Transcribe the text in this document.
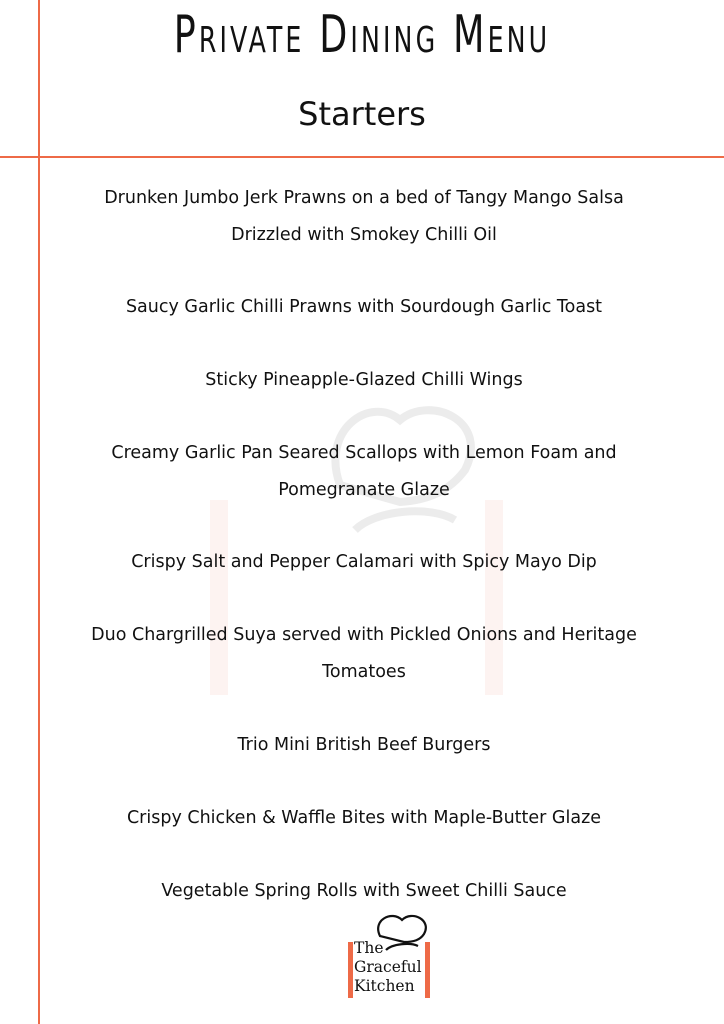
Private Dining Menu
Starters
Drunken Jumbo Jerk Prawns on a bed of Tangy Mango Salsa
Drizzled with Smokey Chilli Oil
Saucy Garlic Chilli Prawns with Sourdough Garlic Toast
Sticky Pineapple-Glazed Chilli Wings
Creamy Garlic Pan Seared Scallops with Lemon Foam and
Pomegranate Glaze
Crispy Salt and Pepper Calamari with Spicy Mayo Dip
Duo Chargrilled Suya served with Pickled Onions and Heritage
Tomatoes
Trio Mini British Beef Burgers
Crispy Chicken & Waffle Bites with Maple-Butter Glaze
Vegetable Spring Rolls with Sweet Chilli Sauce
The
Graceful
Kitchen
